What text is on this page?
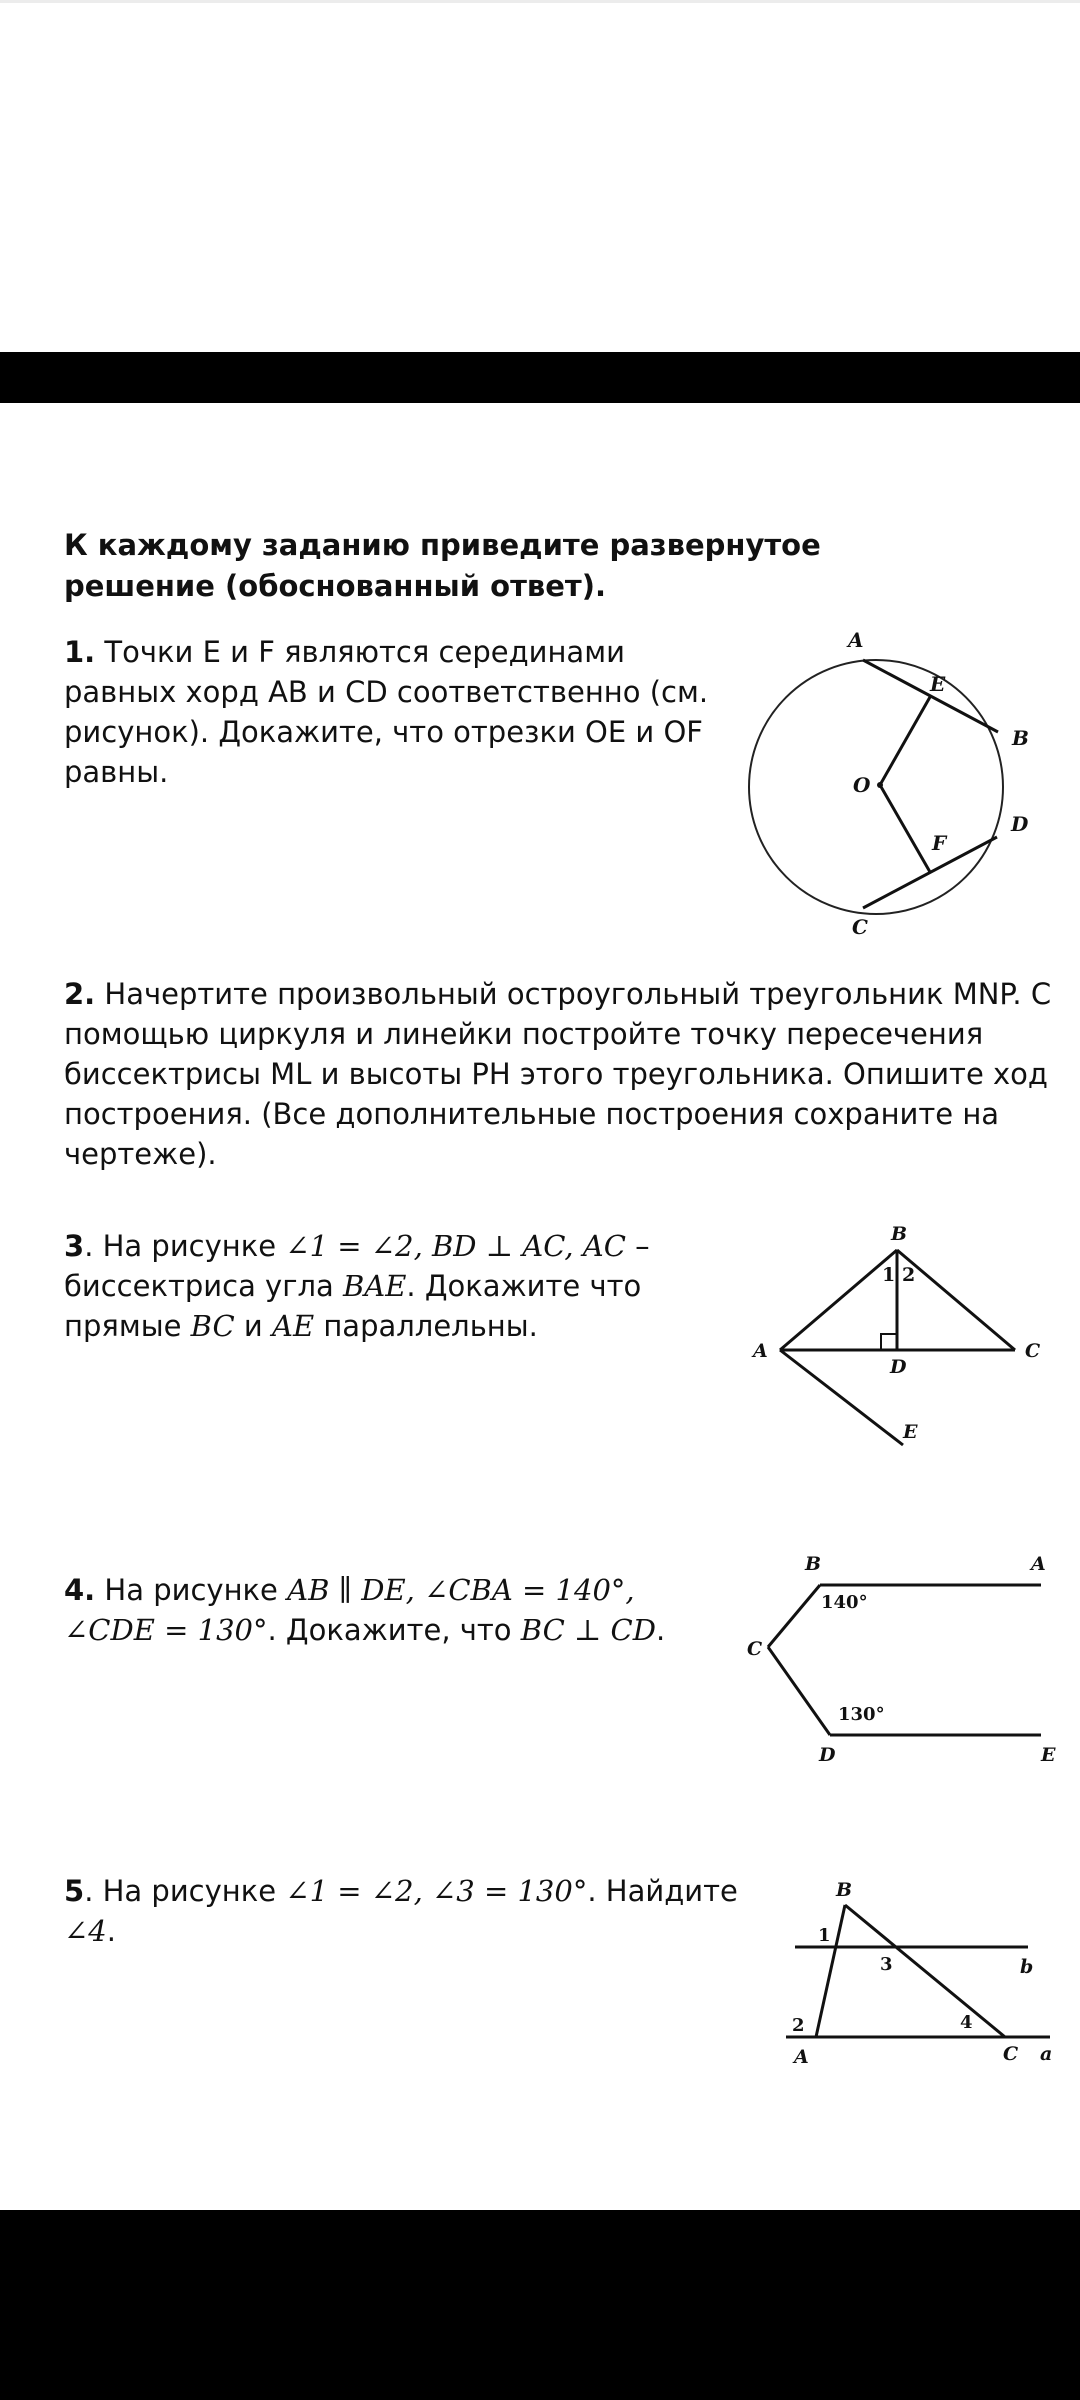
К каждому заданию приведите развернутое решение (обоснованный ответ).
1. Точки E и F являются серединами равных хорд AB и CD соответственно (см. рисунок). Докажите, что отрезки OE и OF равны.
A
E
B
O
D
F
C
2. Начертите произвольный остроугольный треугольник MNP. С помощью циркуля и линейки постройте точку пересечения биссектрисы ML и высоты PH этого треугольника. Опишите ход построения. (Все дополнительные построения сохраните на чертеже).
3. На рисунке ∠1 = ∠2, BD ⊥ AC, AC – биссектриса угла BAE. Докажите что прямые BC и AE параллельны.
B
A	C
D
E
1 2
4. На рисунке AB ∥ DE, ∠CBA = 140°,
∠CDE = 130°. Докажите, что BC ⊥ CD.
B	A
C
D	E
140°
130°
5. На рисунке ∠1 = ∠2, ∠3 = 130°. Найдите ∠4.
B
A	C a
b
1
2
3
4
